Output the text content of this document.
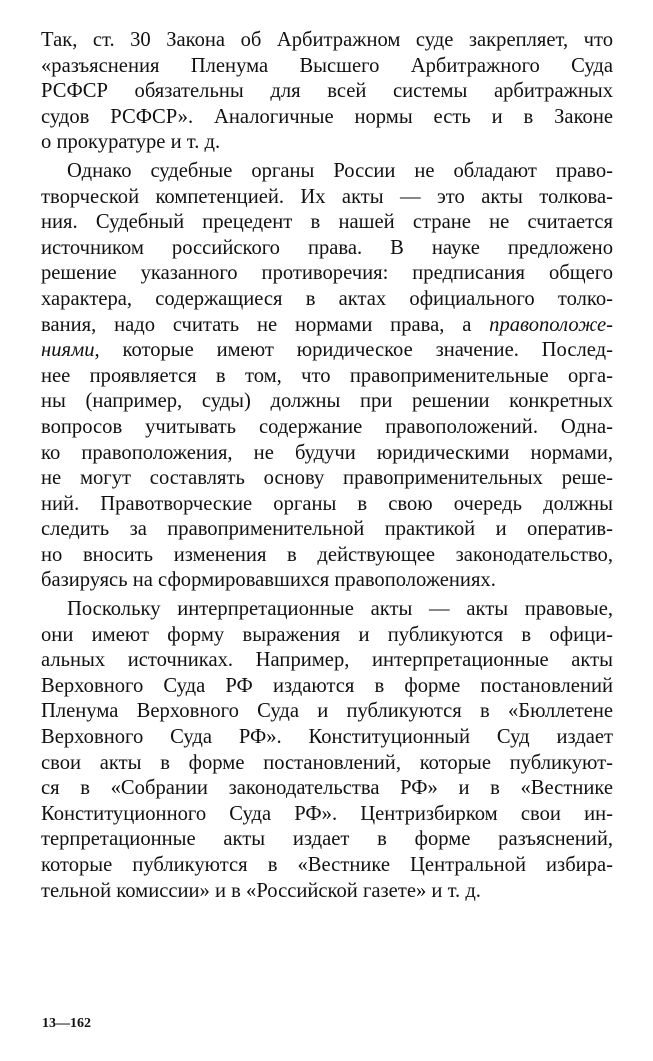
Так, ст. 30 Закона об Арбитражном суде закрепляет, что
«разъяснения Пленума Высшего Арбитражного Суда
РСФСР обязательны для всей системы арбитражных
судов РСФСР». Аналогичные нормы есть и в Законе
о прокуратуре и т. д.
Однако судебные органы России не обладают право-
творческой компетенцией. Их акты — это акты толкова-
ния. Судебный прецедент в нашей стране не считается
источником российского права. В науке предложено
решение указанного противоречия: предписания общего
характера, содержащиеся в актах официального толко-
вания, надо считать не нормами права, а правоположе-
ниями, которые имеют юридическое значение. Послед-
нее проявляется в том, что правоприменительные орга-
ны (например, суды) должны при решении конкретных
вопросов учитывать содержание правоположений. Одна-
ко правоположения, не будучи юридическими нормами,
не могут составлять основу правоприменительных реше-
ний. Правотворческие органы в свою очередь должны
следить за правоприменительной практикой и оператив-
но вносить изменения в действующее законодательство,
базируясь на сформировавшихся правоположениях.
Поскольку интерпретационные акты — акты правовые,
они имеют форму выражения и публикуются в офици-
альных источниках. Например, интерпретационные акты
Верховного Суда РФ издаются в форме постановлений
Пленума Верховного Суда и публикуются в «Бюллетене
Верховного Суда РФ». Конституционный Суд издает
свои акты в форме постановлений, которые публикуют-
ся в «Собрании законодательства РФ» и в «Вестнике
Конституционного Суда РФ». Центризбирком свои ин-
терпретационные акты издает в форме разъяснений,
которые публикуются в «Вестнике Центральной избира-
тельной комиссии» и в «Российской газете» и т. д.
13—162
